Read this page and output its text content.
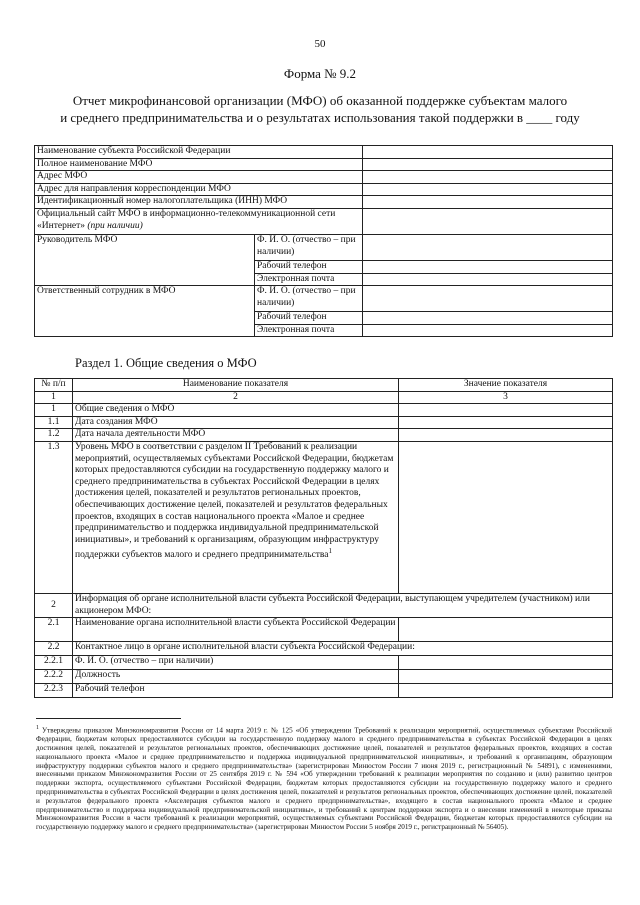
50
Форма № 9.2
Отчет микрофинансовой организации (МФО) об оказанной поддержке субъектам малого
и среднего предпринимательства и о результатах использования такой поддержки в ____ году
Наименование субъекта Российской Федерации		
Полное наименование МФО		
Адрес МФО		
Адрес для направления корреспонденции МФО		
Идентификационный номер налогоплательщика (ИНН) МФО		
Официальный сайт МФО в информационно-телекоммуникационной сети «Интернет» (при наличии)		
Руководитель МФО	Ф. И. О. (отчество – при наличии)	
	Рабочий телефон	
	Электронная почта	
Ответственный сотрудник в МФО	Ф. И. О. (отчество – при наличии)	
	Рабочий телефон	
	Электронная почта	
Раздел 1. Общие сведения о МФО
№ п/п	Наименование показателя	Значение показателя
1	2	3
1	Общие сведения о МФО	
1.1	Дата создания МФО	
1.2	Дата начала деятельности МФО	
1.3	Уровень МФО в соответствии с разделом II Требований к реализации мероприятий, осуществляемых субъектами Российской Федерации, бюджетам которых предоставляются субсидии на государственную поддержку малого и среднего предпринимательства в субъектах Российской Федерации в целях достижения целей, показателей и результатов региональных проектов, обеспечивающих достижение целей, показателей и результатов федеральных проектов, входящих в состав национального проекта «Малое и среднее предпринимательство и поддержка индивидуальной предпринимательской инициативы», и требований к организациям, образующим инфраструктуру поддержки субъектов малого и среднего предпринимательства$^1$	
2	Информация об органе исполнительной власти субъекта Российской Федерации, выступающем учредителем (участником) или акционером МФО:	
2.1	Наименование органа исполнительной власти субъекта Российской Федерации	
2.2	Контактное лицо в органе исполнительной власти субъекта Российской Федерации:	
2.2.1	Ф. И. О. (отчество – при наличии)	
2.2.2	Должность	
2.2.3	Рабочий телефон	
$^1$ Утверждены приказом Минэкономразвития России от 14 марта 2019 г. № 125 «Об утверждении Требований к реализации мероприятий, осуществляемых субъектами Российской Федерации, бюджетам которых предоставляются субсидии на государственную поддержку малого и среднего предпринимательства в субъектах Российской Федерации в целях достижения целей, показателей и результатов региональных проектов, обеспечивающих достижение целей, показателей и результатов федеральных проектов, входящих в состав национального проекта «Малое и среднее предпринимательство и поддержка индивидуальной предпринимательской инициативы», и требований к организациям, образующим инфраструктуру поддержки субъектов малого и среднего предпринимательства» (зарегистрирован Минюстом России 7 июня 2019 г., регистрационный № 54891), с изменениями, внесенными приказом Минэкономразвития России от 25 сентября 2019 г. № 594 «Об утверждении требований к реализации мероприятия по созданию и (или) развитию центров поддержки экспорта, осуществляемого субъектами Российской Федерации, бюджетам которых предоставляются субсидии на государственную поддержку малого и среднего предпринимательства в субъектах Российской Федерации в целях достижения целей, показателей и результатов региональных проектов, обеспечивающих достижение целей, показателей и результатов федерального проекта «Акселерация субъектов малого и среднего предпринимательства», входящего в состав национального проекта «Малое и среднее предпринимательство и поддержка индивидуальной предпринимательской инициативы», и требований к центрам поддержки экспорта и о внесении изменений в некоторые приказы Минэкономразвития России в части требований к реализации мероприятий, осуществляемых субъектами Российской Федерации, бюджетам которых предоставляются субсидии на государственную поддержку малого и среднего предпринимательства» (зарегистрирован Минюстом России 5 ноября 2019 г., регистрационный № 56405).
